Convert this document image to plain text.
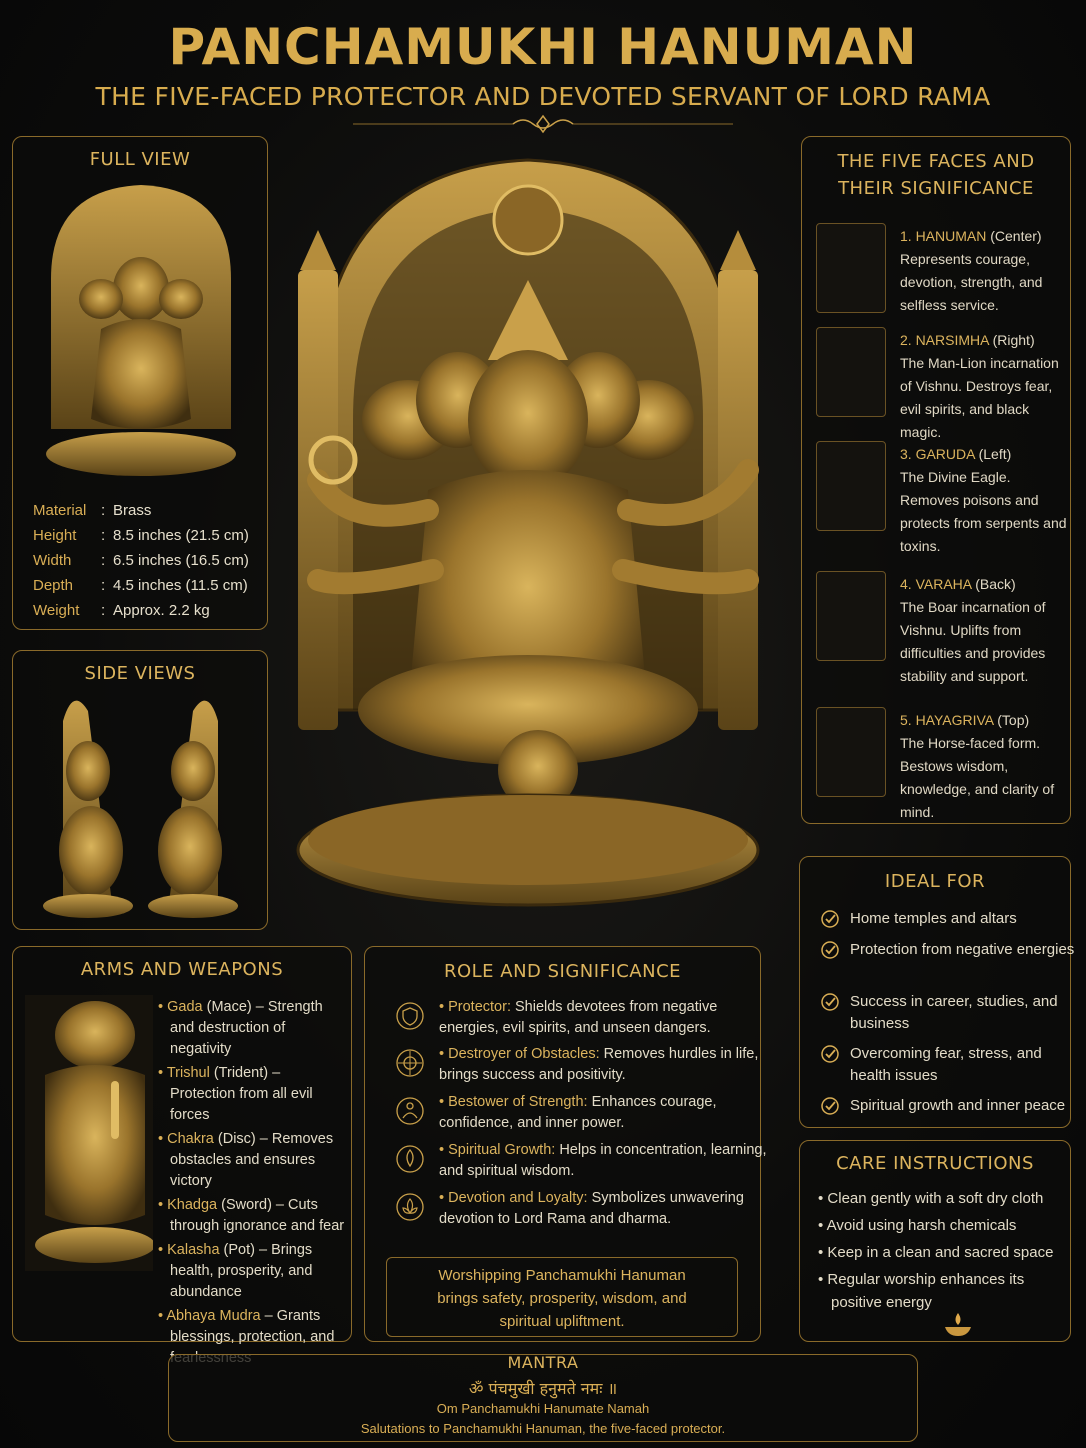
PANCHAMUKHI HANUMAN
THE FIVE-FACED PROTECTOR AND DEVOTED SERVANT OF LORD RAMA
FULL VIEW
Material : Brass
Height : 8.5 inches (21.5 cm)
Width : 6.5 inches (16.5 cm)
Depth : 4.5 inches (11.5 cm)
Weight : Approx. 2.2 kg
SIDE VIEWS
THE FIVE FACES AND
THEIR SIGNIFICANCE
1. HANUMAN (Center)
Represents courage, devotion, strength, and selfless service.
2. NARSIMHA (Right)
The Man-Lion incarnation of Vishnu. Destroys fear, evil spirits, and black magic.
3. GARUDA (Left)
The Divine Eagle. Removes poisons and protects from serpents and toxins.
4. VARAHA (Back)
The Boar incarnation of Vishnu. Uplifts from difficulties and provides stability and support.
5. HAYAGRIVA (Top)
The Horse-faced form. Bestows wisdom, knowledge, and clarity of mind.
IDEAL FOR
Home temples and altars
Protection from negative energies
Success in career, studies, and business
Overcoming fear, stress, and health issues
Spiritual growth and inner peace
CARE INSTRUCTIONS
• Clean gently with a soft dry cloth
• Avoid using harsh chemicals
• Keep in a clean and sacred space
• Regular worship enhances its positive energy
ARMS AND WEAPONS
• Gada (Mace) – Strength and destruction of negativity
• Trishul (Trident) – Protection from all evil forces
• Chakra (Disc) – Removes obstacles and ensures victory
• Khadga (Sword) – Cuts through ignorance and fear
• Kalasha (Pot) – Brings health, prosperity, and abundance
• Abhaya Mudra – Grants blessings, protection, and
ROLE AND SIGNIFICANCE
• Protector: Shields devotees from negative energies, evil spirits, and unseen dangers.
• Destroyer of Obstacles: Removes hurdles in life, brings success and positivity.
• Bestower of Strength: Enhances courage, confidence, and inner power.
• Spiritual Growth: Helps in concentration, learning, and spiritual wisdom.
• Devotion and Loyalty: Symbolizes unwavering devotion to Lord Rama and dharma.
Worshipping Panchamukhi Hanuman brings safety, prosperity, wisdom, and spiritual upliftment.
MANTRA
ॐ पंचमुखी हनुमते नमः ॥
Om Panchamukhi Hanumate Namah
Salutations to Panchamukhi Hanuman, the five-faced protector.
